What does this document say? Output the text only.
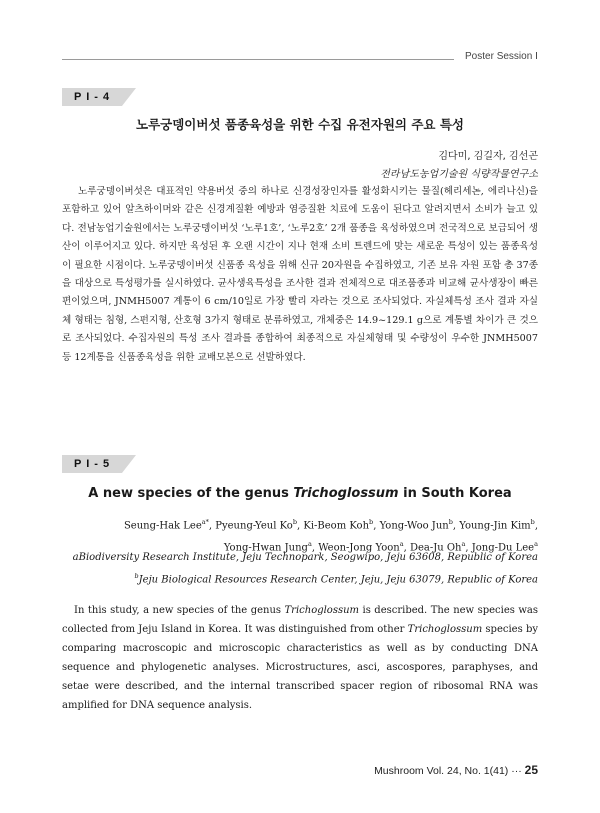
Poster Session Ⅰ
P I - 4
노루궁뎅이버섯 품종육성을 위한 수집 유전자원의 주요 특성
김다미, 김길자, 김선곤
전라남도농업기술원 식량작물연구소
노루궁뎅이버섯은 대표적인 약용버섯 중의 하나로 신경성장인자를 활성화시키는 물질(헤리세논, 에리나신)을 포함하고 있어 알츠하이머와 같은 신경계질환 예방과 염증질환 치료에 도움이 된다고 알려지면서 소비가 늘고 있다. 전남농업기술원에서는 노루궁뎅이버섯 ‘노루1호’, ‘노루2호’ 2개 품종을 육성하였으며 전국적으로 보급되어 생산이 이루어지고 있다. 하지만 육성된 후 오랜 시간이 지나 현재 소비 트렌드에 맞는 새로운 특성이 있는 품종육성이 필요한 시점이다. 노루궁뎅이버섯 신품종 육성을 위해 신규 20자원을 수집하였고, 기존 보유 자원 포함 총 37종을 대상으로 특성평가를 실시하였다. 균사생육특성을 조사한 결과 전체적으로 대조품종과 비교해 균사생장이 빠른 편이었으며, JNMH5007 계통이 6 cm/10일로 가장 빨리 자라는 것으로 조사되었다. 자실체특성 조사 결과 자실체 형태는 침형, 스펀지형, 산호형 3가지 형태로 분류하였고, 개체중은 14.9~129.1 g으로 계통별 차이가 큰 것으로 조사되었다. 수집자원의 특성 조사 결과를 종합하여 최종적으로 자실체형태 및 수량성이 우수한 JNMH5007 등 12계통을 신품종육성을 위한 교배모본으로 선발하였다.
P I - 5
A new species of the genus Trichoglossum in South Korea
Seung-Hak Lee$^{a*}$, Pyeung-Yeul Ko$^b$, Ki-Beom Koh$^b$, Yong-Woo Jun$^b$, Young-Jin Kim$^b$,
Yong-Hwan Jung$^a$, Weon-Jong Yoon$^a$, Dea-Ju Oh$^a$, Jong-Du Lee$^a$
aBiodiversity Research Institute, Jeju Technopark, Seogwipo, Jeju 63608, Republic of Korea
$^b$Jeju Biological Resources Research Center, Jeju, Jeju 63079, Republic of Korea
In this study, a new species of the genus Trichoglossum is described. The new species was collected from Jeju Island in Korea. It was distinguished from other Trichoglossum species by comparing macroscopic and microscopic characteristics as well as by conducting DNA sequence and phylogenetic analyses. Microstructures, asci, ascospores, paraphyses, and setae were described, and the internal transcribed spacer region of ribosomal RNA was amplified for DNA sequence analysis.
Mushroom Vol. 24, No. 1(41) ··· 25
